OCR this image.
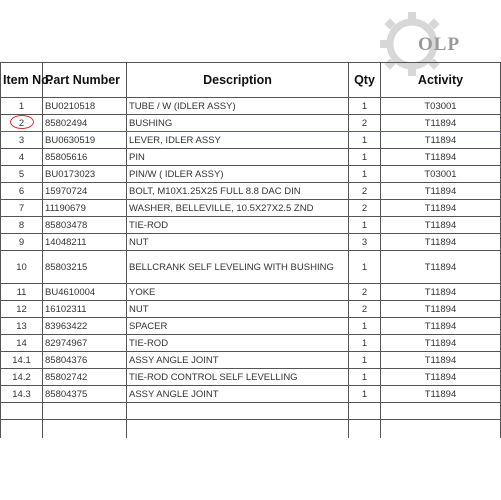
OLP
Item No.	Part Number	Description	Qty	Activity
1	BU0210518	TUBE / W (IDLER ASSY)	1	T03001
2	85802494	BUSHING	2	T11894
3	BU0630519	LEVER, IDLER ASSY	1	T11894
4	85805616	PIN	1	T11894
5	BU0173023	PIN/W ( IDLER ASSY)	1	T03001
6	15970724	BOLT, M10X1.25X25 FULL 8.8 DAC DIN	2	T11894
7	11190679	WASHER, BELLEVILLE, 10.5X27X2.5 ZND	2	T11894
8	85803478	TIE-ROD	1	T11894
9	14048211	NUT	3	T11894
10	85803215	BELLCRANK SELF LEVELING WITH BUSHING	1	T11894
11	BU4610004	YOKE	2	T11894
12	16102311	NUT	2	T11894
13	83963422	SPACER	1	T11894
14	82974967	TIE-ROD	1	T11894
14.1	85804376	ASSY ANGLE JOINT	1	T11894
14.2	85802742	TIE-ROD CONTROL SELF LEVELLING	1	T11894
14.3	85804375	ASSY ANGLE JOINT	1	T11894
